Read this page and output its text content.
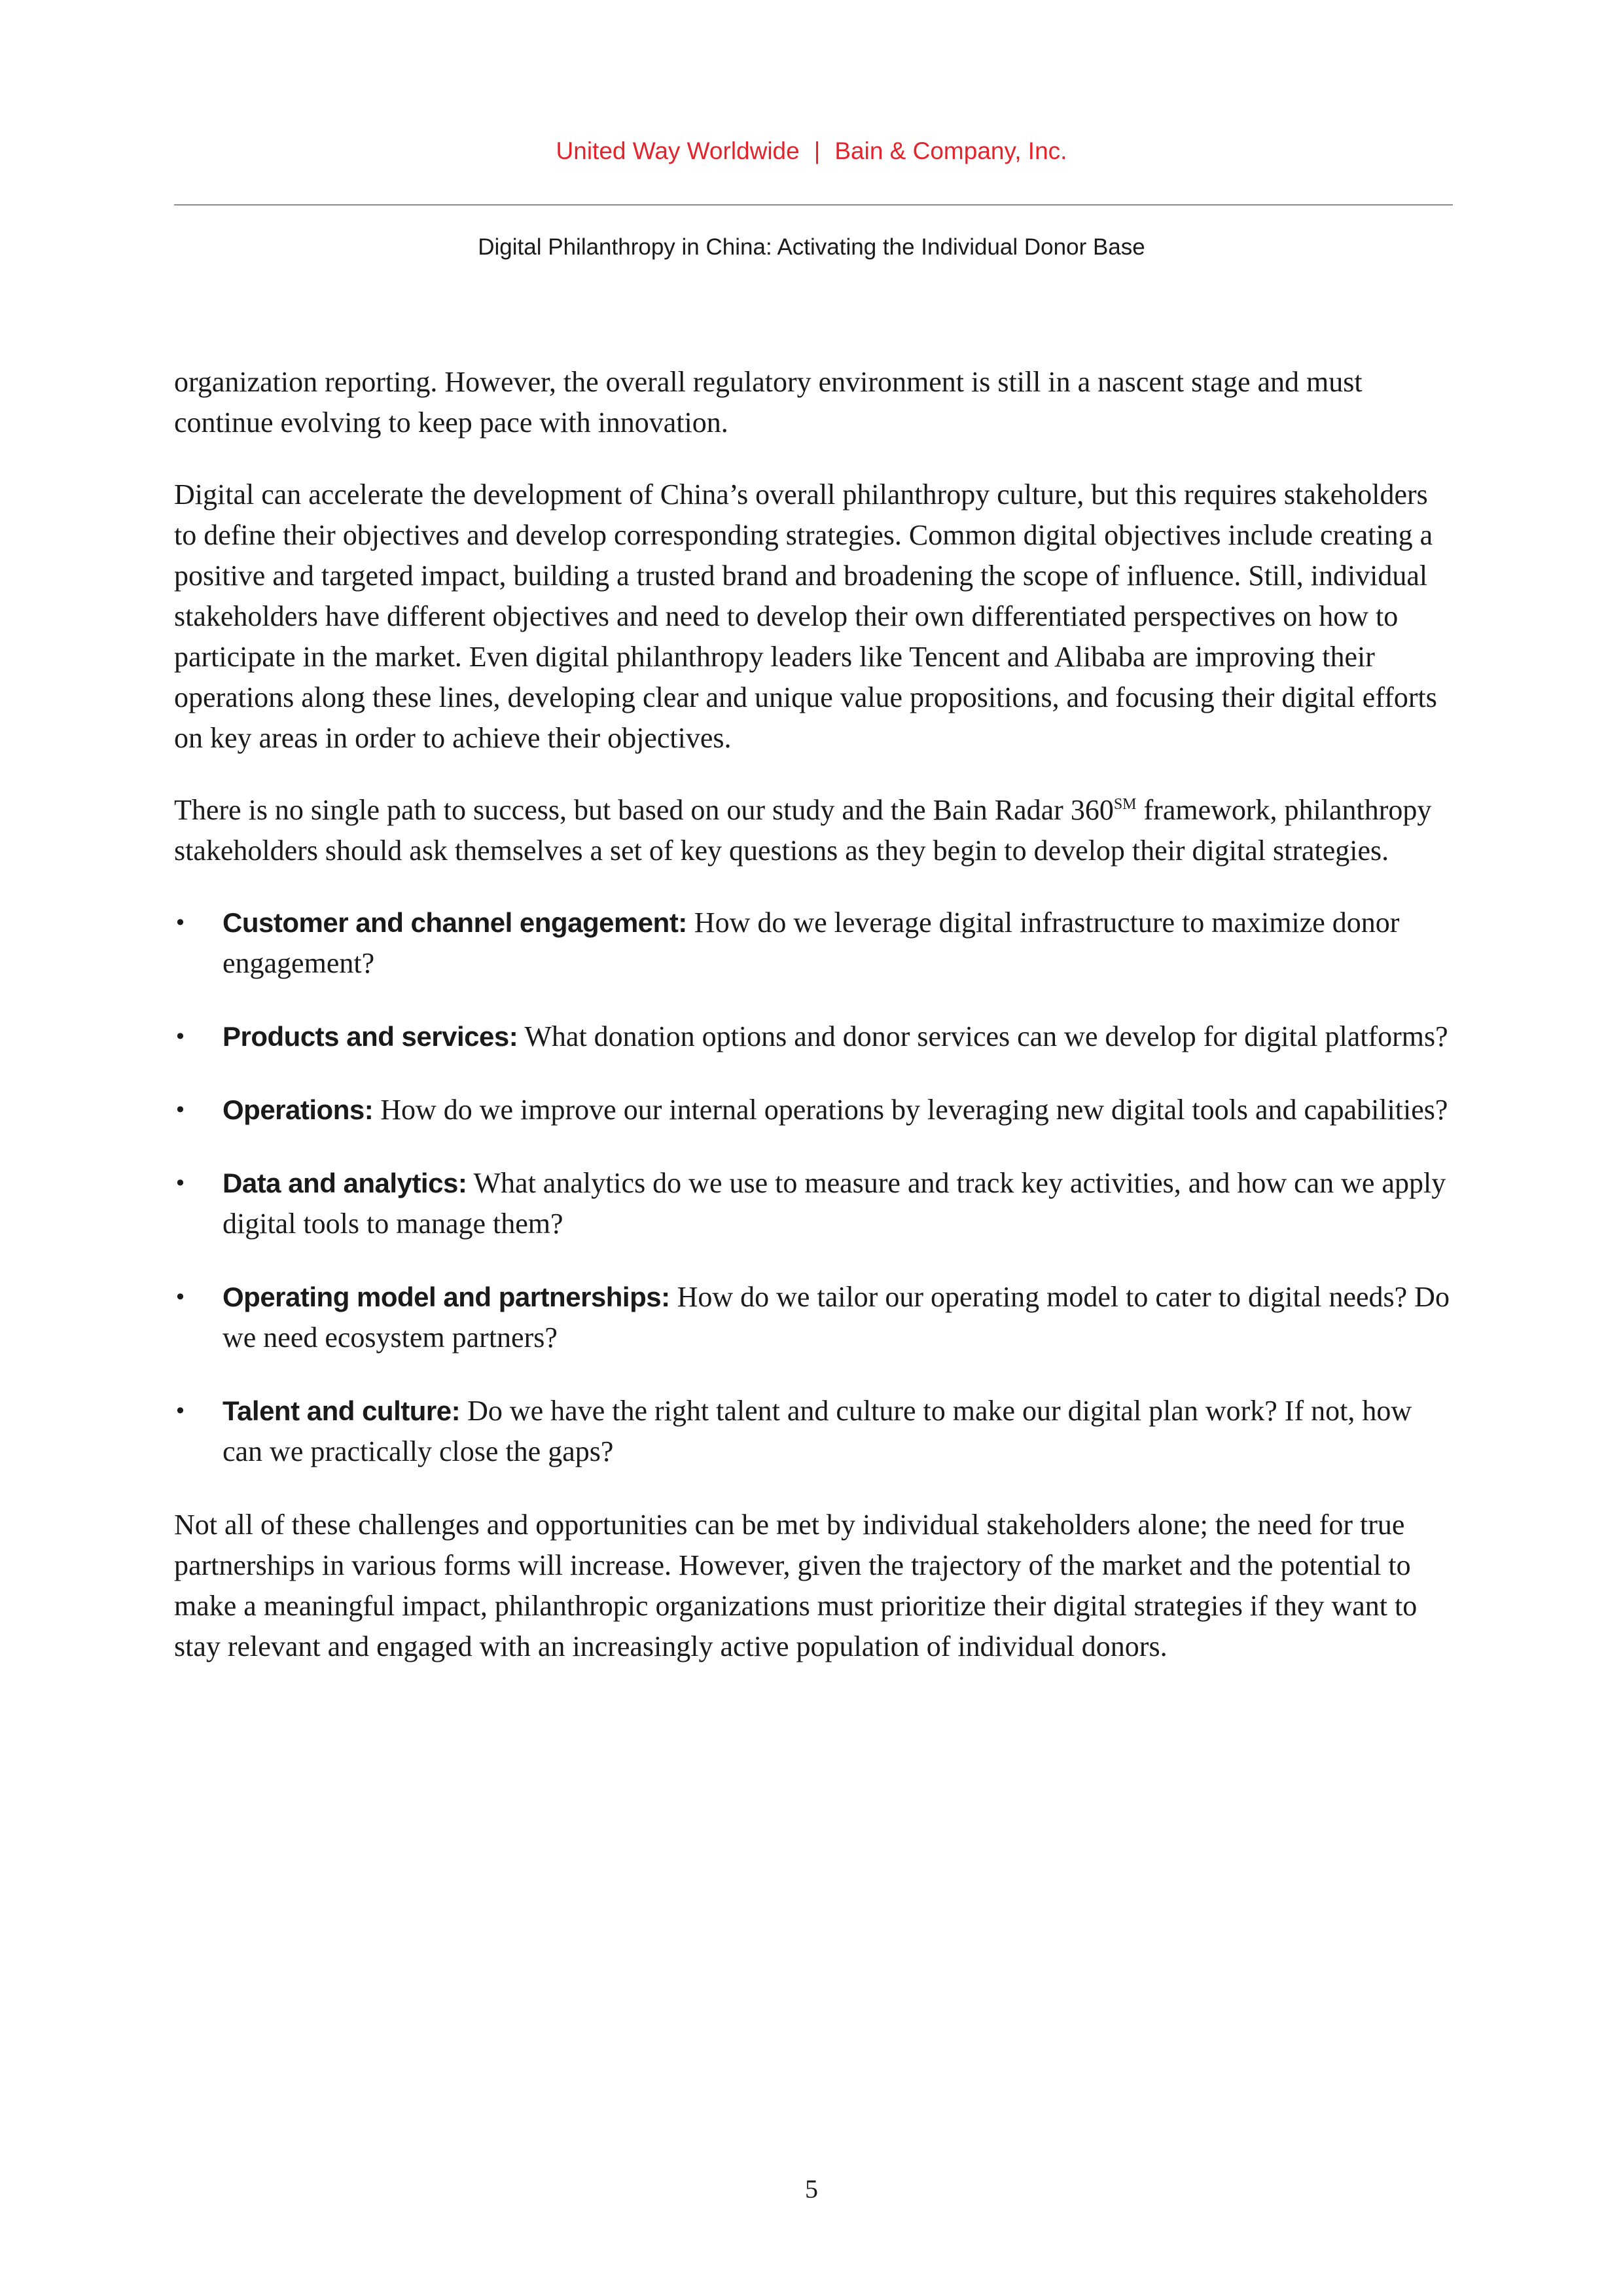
United Way Worldwide | Bain & Company, Inc.
Digital Philanthropy in China: Activating the Individual Donor Base

organization reporting. However, the overall regulatory environment is still in a nascent stage and must continue evolving to keep pace with innovation.

Digital can accelerate the development of China’s overall philanthropy culture, but this requires stakeholders to define their objectives and develop corresponding strategies. Common digital objectives include creating a positive and targeted impact, building a trusted brand and broadening the scope of influence. Still, individual stakeholders have different objectives and need to develop their own differentiated perspectives on how to participate in the market. Even digital philanthropy leaders like Tencent and Alibaba are improving their operations along these lines, developing clear and unique value propositions, and focusing their digital efforts on key areas in order to achieve their objectives.

There is no single path to success, but based on our study and the Bain Radar 360℠ framework, philanthropy stakeholders should ask themselves a set of key questions as they begin to develop their digital strategies.

• Customer and channel engagement: How do we leverage digital infrastructure to maximize donor engagement?
• Products and services: What donation options and donor services can we develop for digital platforms?
• Operations: How do we improve our internal operations by leveraging new digital tools and capabilities?
• Data and analytics: What analytics do we use to measure and track key activities, and how can we apply digital tools to manage them?
• Operating model and partnerships: How do we tailor our operating model to cater to digital needs? Do we need ecosystem partners?
• Talent and culture: Do we have the right talent and culture to make our digital plan work? If not, how can we practically close the gaps?

Not all of these challenges and opportunities can be met by individual stakeholders alone; the need for true partnerships in various forms will increase. However, given the trajectory of the market and the potential to make a meaningful impact, philanthropic organizations must prioritize their digital strategies if they want to stay relevant and engaged with an increasingly active population of individual donors.

5
